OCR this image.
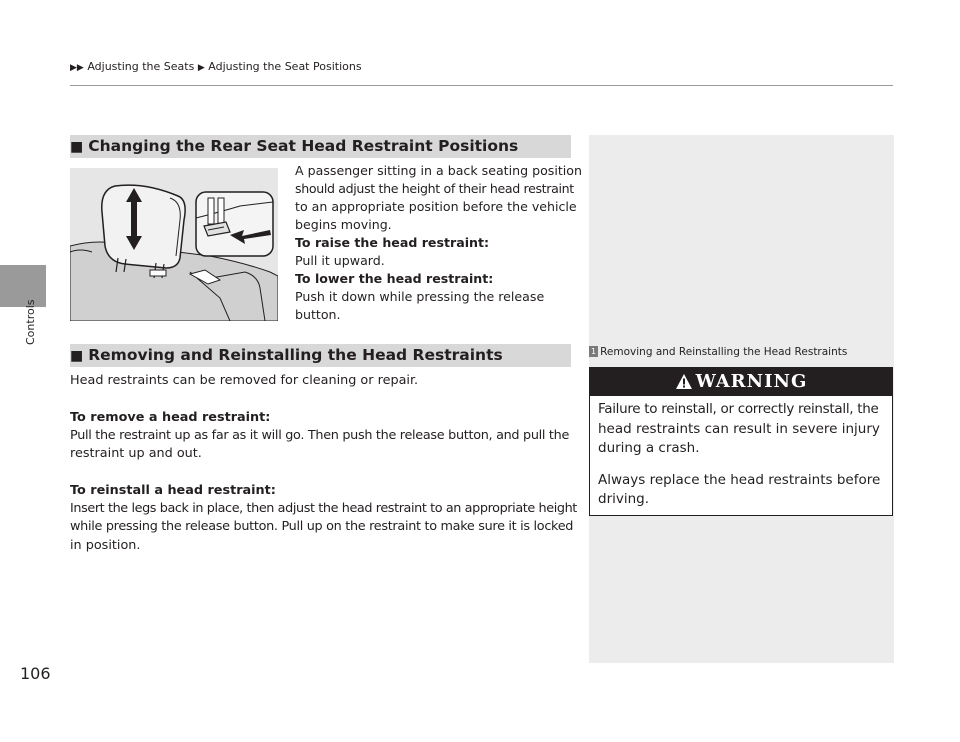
Controls
▶▶ Adjusting the Seats ▶ Adjusting the Seat Positions
■ Changing the Rear Seat Head Restraint Positions
A passenger sitting in a back seating position
should adjust the height of their head restraint
to an appropriate position before the vehicle
begins moving.
To raise the head restraint:
Pull it upward.
To lower the head restraint:
Push it down while pressing the release
button.
■ Removing and Reinstalling the Head Restraints
Head restraints can be removed for cleaning or repair.
To remove a head restraint:
Pull the restraint up as far as it will go. Then push the release button, and pull the
restraint up and out.
To reinstall a head restraint:
Insert the legs back in place, then adjust the head restraint to an appropriate height
while pressing the release button. Pull up on the restraint to make sure it is locked
in position.
1 Removing and Reinstalling the Head Restraints
WARNING
Failure to reinstall, or correctly reinstall, the
head restraints can result in severe injury
during a crash.
Always replace the head restraints before
driving.
106
